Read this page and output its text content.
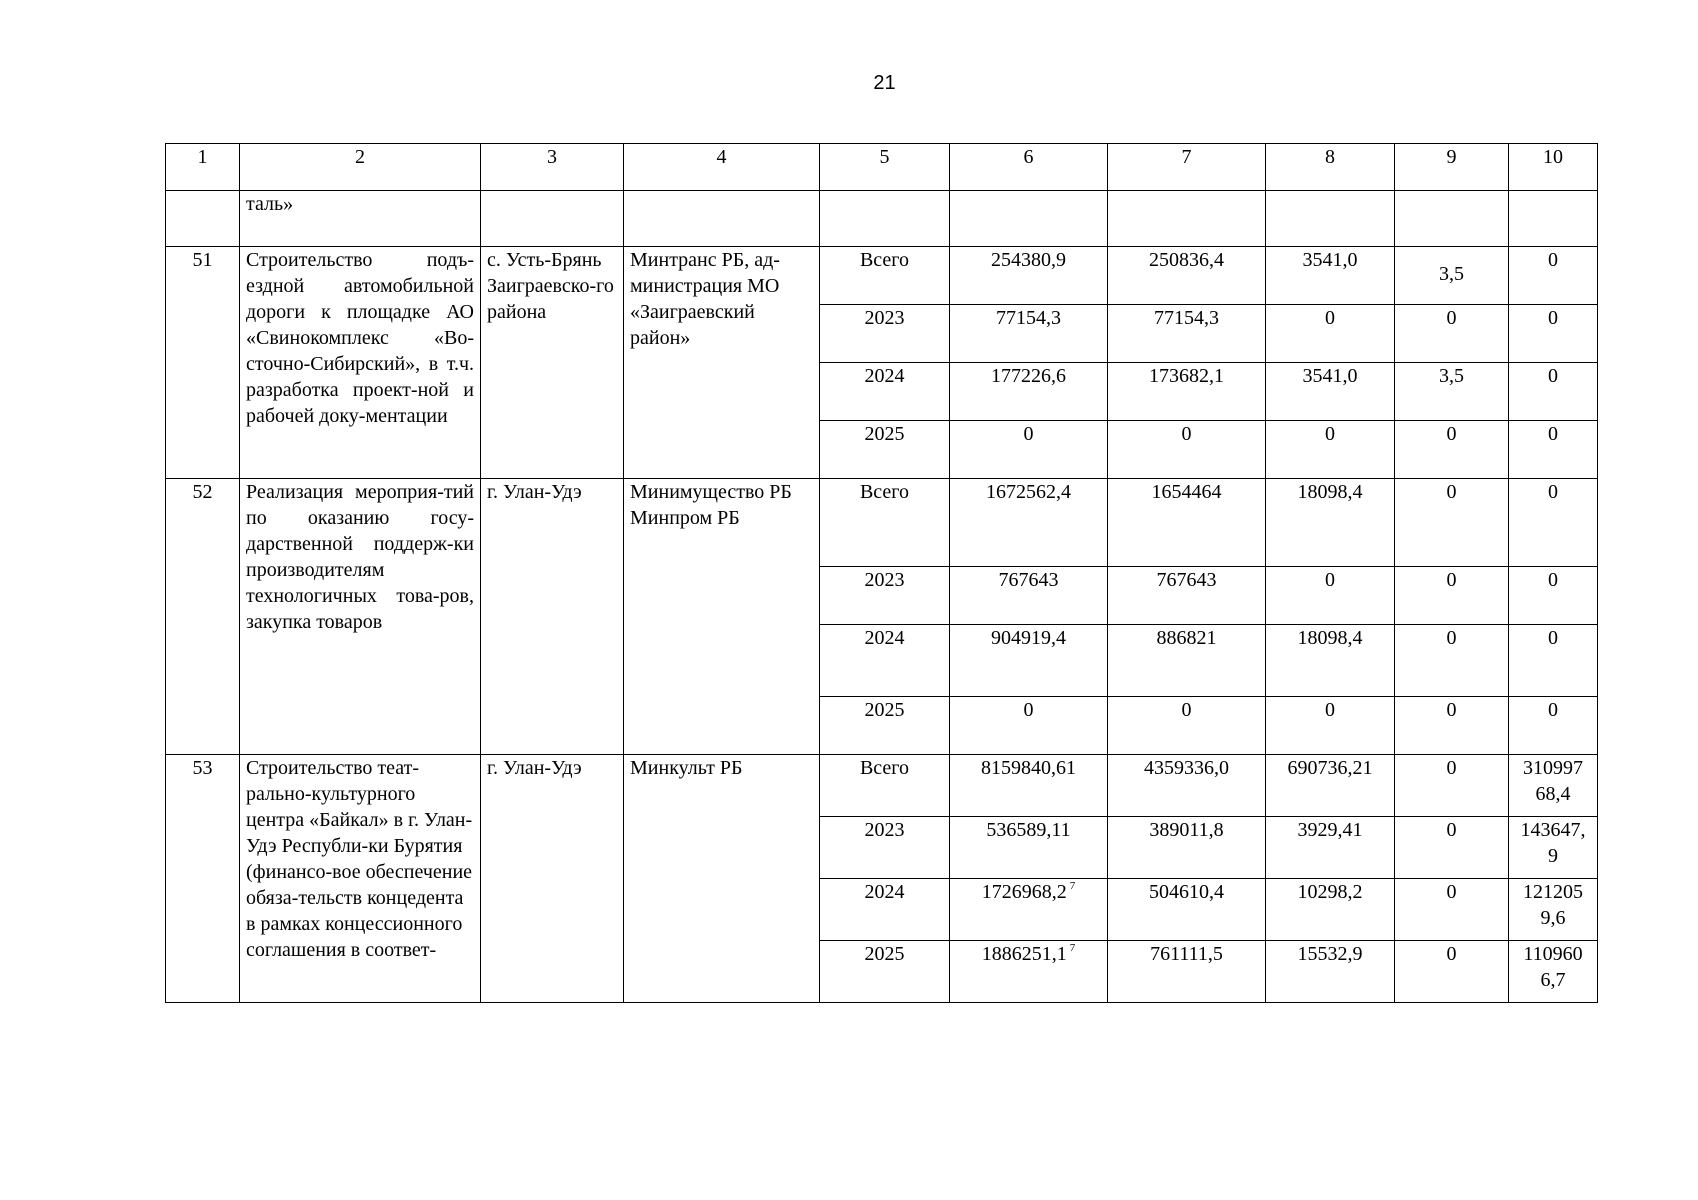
21
1	2	3	4	5	6	7	8	9	10
	таль»								
51	Строительство подъ-ездной автомобильной дороги к площадке АО «Свинокомплекс «Во-сточно-Сибирский», в т.ч. разработка проект-ной и рабочей доку-ментации	с. Усть-Брянь Заиграевско-го района	Минтранс РБ, ад-министрация МО «Заиграевский район»	Всего	254380,9	250836,4	3541,0	3,5	0
				2023	77154,3	77154,3	0	0	0
				2024	177226,6	173682,1	3541,0	3,5	0
				2025	0	0	0	0	0
52	Реализация мероприя-тий по оказанию госу-дарственной поддерж-ки производителям технологичных това-ров, закупка товаров	г. Улан-Удэ	Минимущество РБ Минпром РБ	Всего	1672562,4	1654464	18098,4	0	0
				2023	767643	767643	0	0	0
				2024	904919,4	886821	18098,4	0	0
				2025	0	0	0	0	0
53	Строительство теат-рально-культурного центра «Байкал» в г. Улан-Удэ Республи-ки Бурятия (финансо-вое обеспечение обяза-тельств концедента в рамках концессионного соглашения в соответ-	г. Улан-Удэ	Минкульт РБ	Всего	8159840,61	4359336,0	690736,21	0	310997 68,4
				2023	536589,11	389011,8	3929,41	0	143647, 9
				2024	1726968,2 $^7$	504610,4	10298,2	0	121205 9,6
				2025	1886251,1 $^7$	761111,5	15532,9	0	110960 6,7
